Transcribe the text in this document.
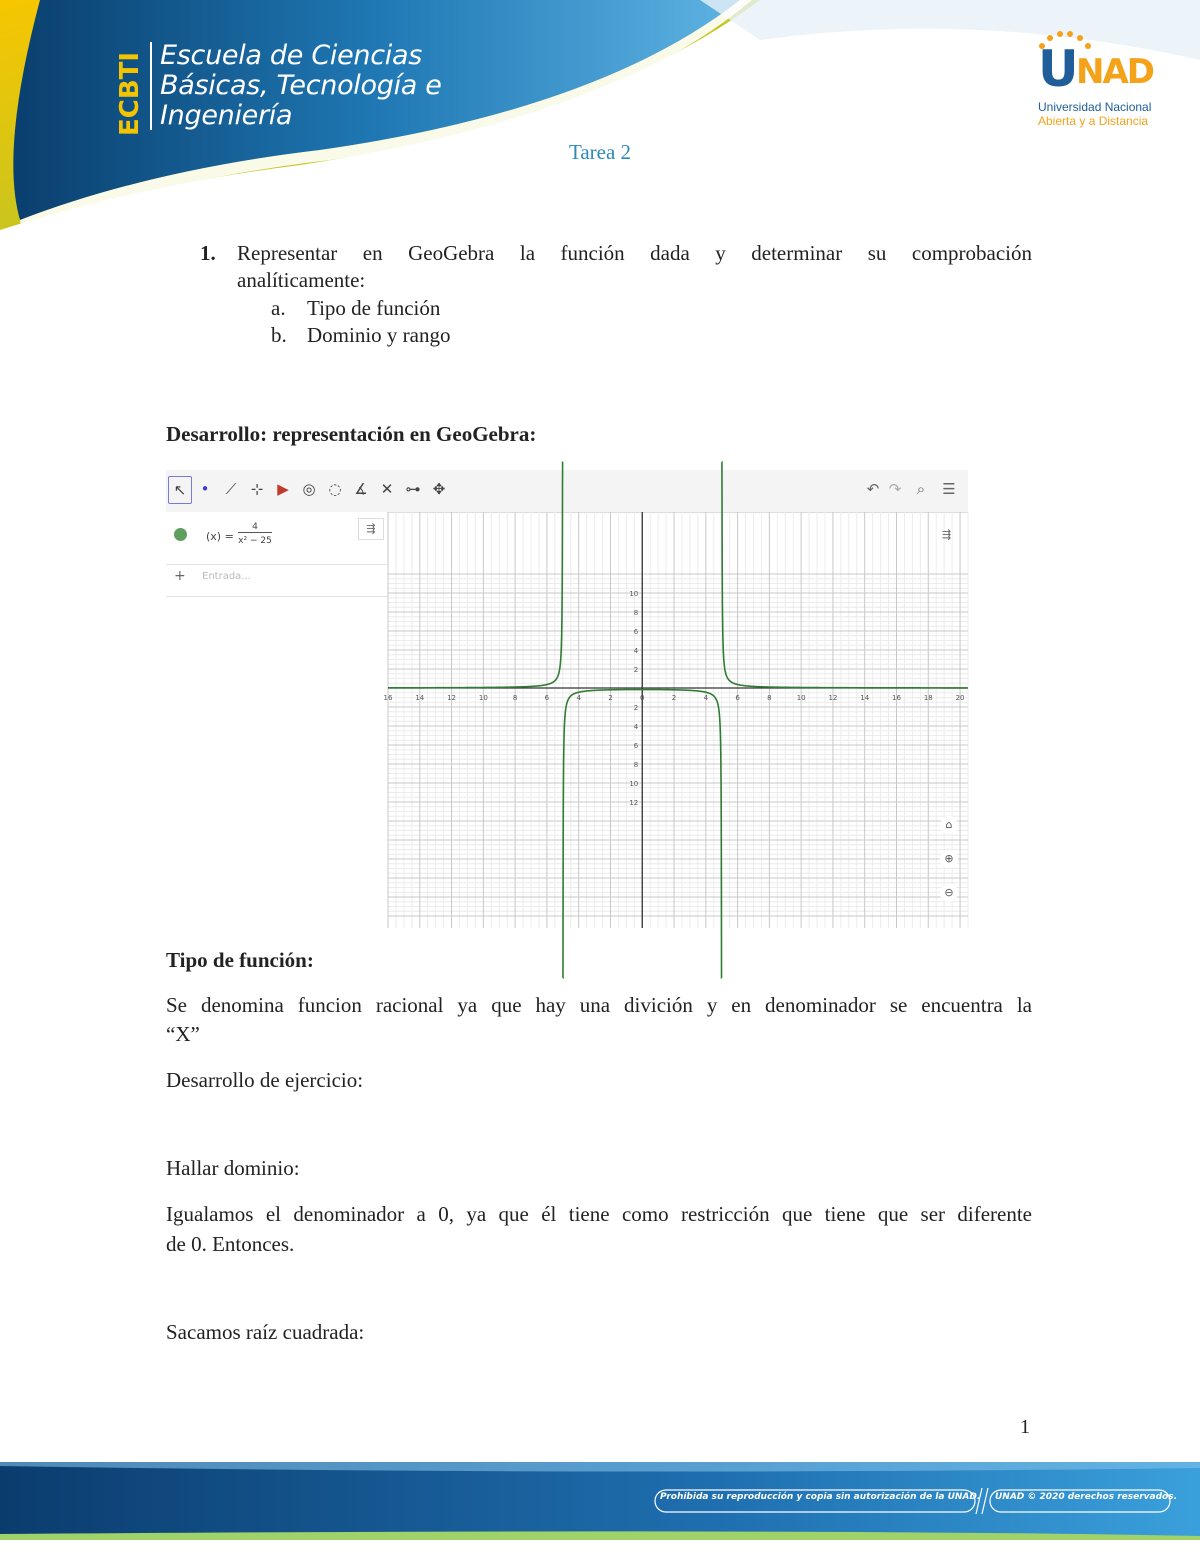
ECBTI Escuela de Ciencias
Básicas, Tecnología e
Ingeniería
U
NAD
Universidad Nacional
Abierta y a Distancia
Tarea 2
1. Representar en GeoGebra la función dada y determinar su comprobación
analíticamente:
a. Tipo de función
b. Dominio y rango
Desarrollo: representación en GeoGebra:
↖ •	⟋ ⊹ ▶ ◎ ◌ ∡ ✕ ⊶ ✥	↶ ↷	⌕	☰
(x) =
4
x² − 25
⇶
+ Entrada...
16	14	12	10	8	6	4	2	0	2	4	6	8	10	12	14	16	18	20
10
8
6
4
2
2
4
6
8
10
12
⇶
⌂
⊕
⊖
Tipo de función:
Se denomina funcion racional ya que hay una divición y en denominador se encuentra la
“X”
Desarrollo de ejercicio:
Hallar dominio:
Igualamos el denominador a 0, ya que él tiene como restricción que tiene que ser diferente
de 0. Entonces.
Sacamos raíz cuadrada:
1
Prohibida su reproducción y copia sin autorización de la UNAD. UNAD © 2020 derechos reservados.
